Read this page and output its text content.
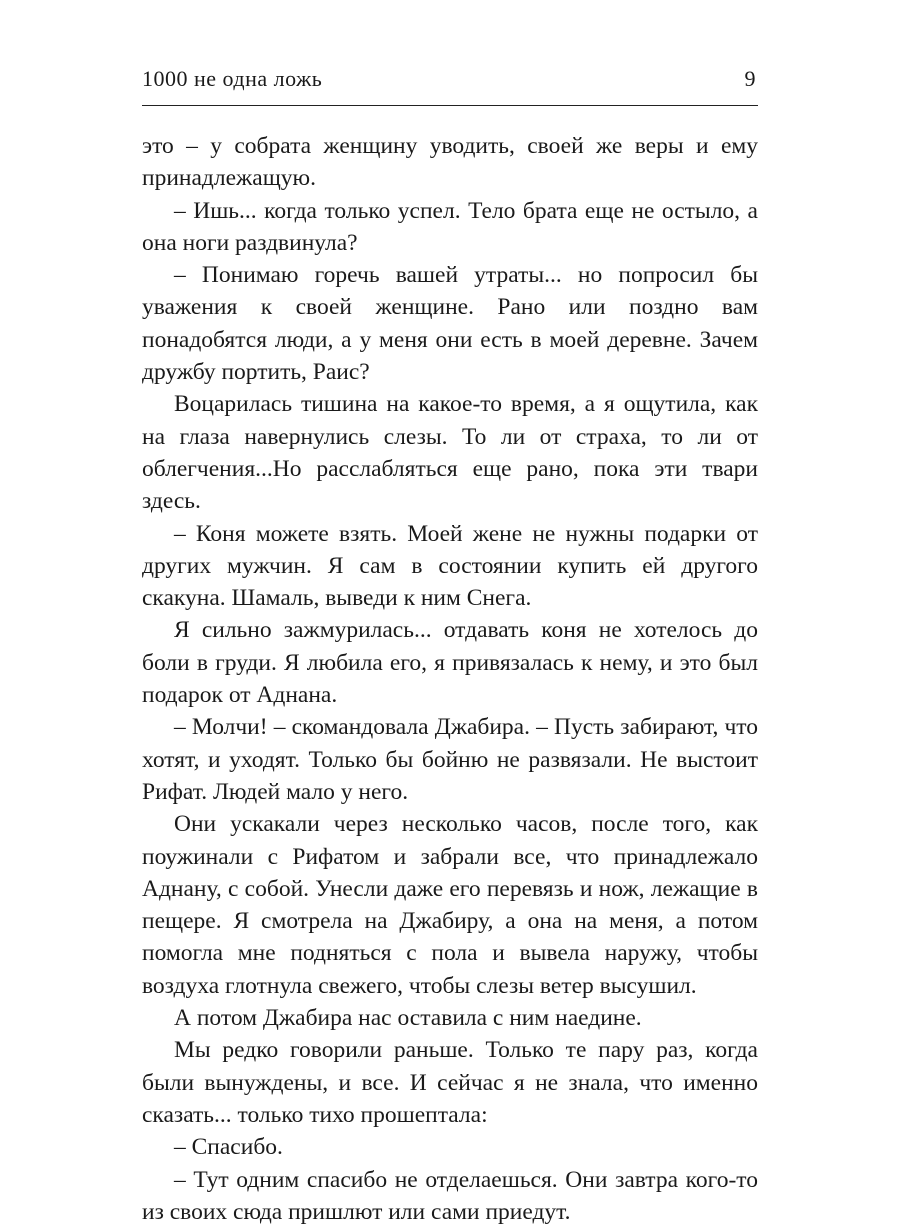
1000 не одна ложь	9

это – у собрата женщину уводить, своей же веры и ему принадлежащую.

– Ишь... когда только успел. Тело брата еще не остыло, а она ноги раздвинула?

– Понимаю горечь вашей утраты... но попросил бы уважения к своей женщине. Рано или поздно вам понадобятся люди, а у меня они есть в моей деревне. Зачем дружбу портить, Раис?

Воцарилась тишина на какое-то время, а я ощутила, как на глаза навернулись слезы. То ли от страха, то ли от облегчения...Но расслабляться еще рано, пока эти твари здесь.

– Коня можете взять. Моей жене не нужны подарки от других мужчин. Я сам в состоянии купить ей другого скакуна. Шамаль, выведи к ним Снега.

Я сильно зажмурилась... отдавать коня не хотелось до боли в груди. Я любила его, я привязалась к нему, и это был подарок от Аднана.

– Молчи! – скомандовала Джабира. – Пусть забирают, что хотят, и уходят. Только бы бойню не развязали. Не выстоит Рифат. Людей мало у него.

Они ускакали через несколько часов, после того, как поужинали с Рифатом и забрали все, что принадлежало Аднану, с собой. Унесли даже его перевязь и нож, лежащие в пещере. Я смотрела на Джабиру, а она на меня, а потом помогла мне подняться с пола и вывела наружу, чтобы воздуха глотнула свежего, чтобы слезы ветер высушил.

А потом Джабира нас оставила с ним наедине.

Мы редко говорили раньше. Только те пару раз, когда были вынуждены, и все. И сейчас я не знала, что именно сказать... только тихо прошептала:

– Спасибо.

– Тут одним спасибо не отделаешься. Они завтра кого-то из своих сюда пришлют или сами приедут.
